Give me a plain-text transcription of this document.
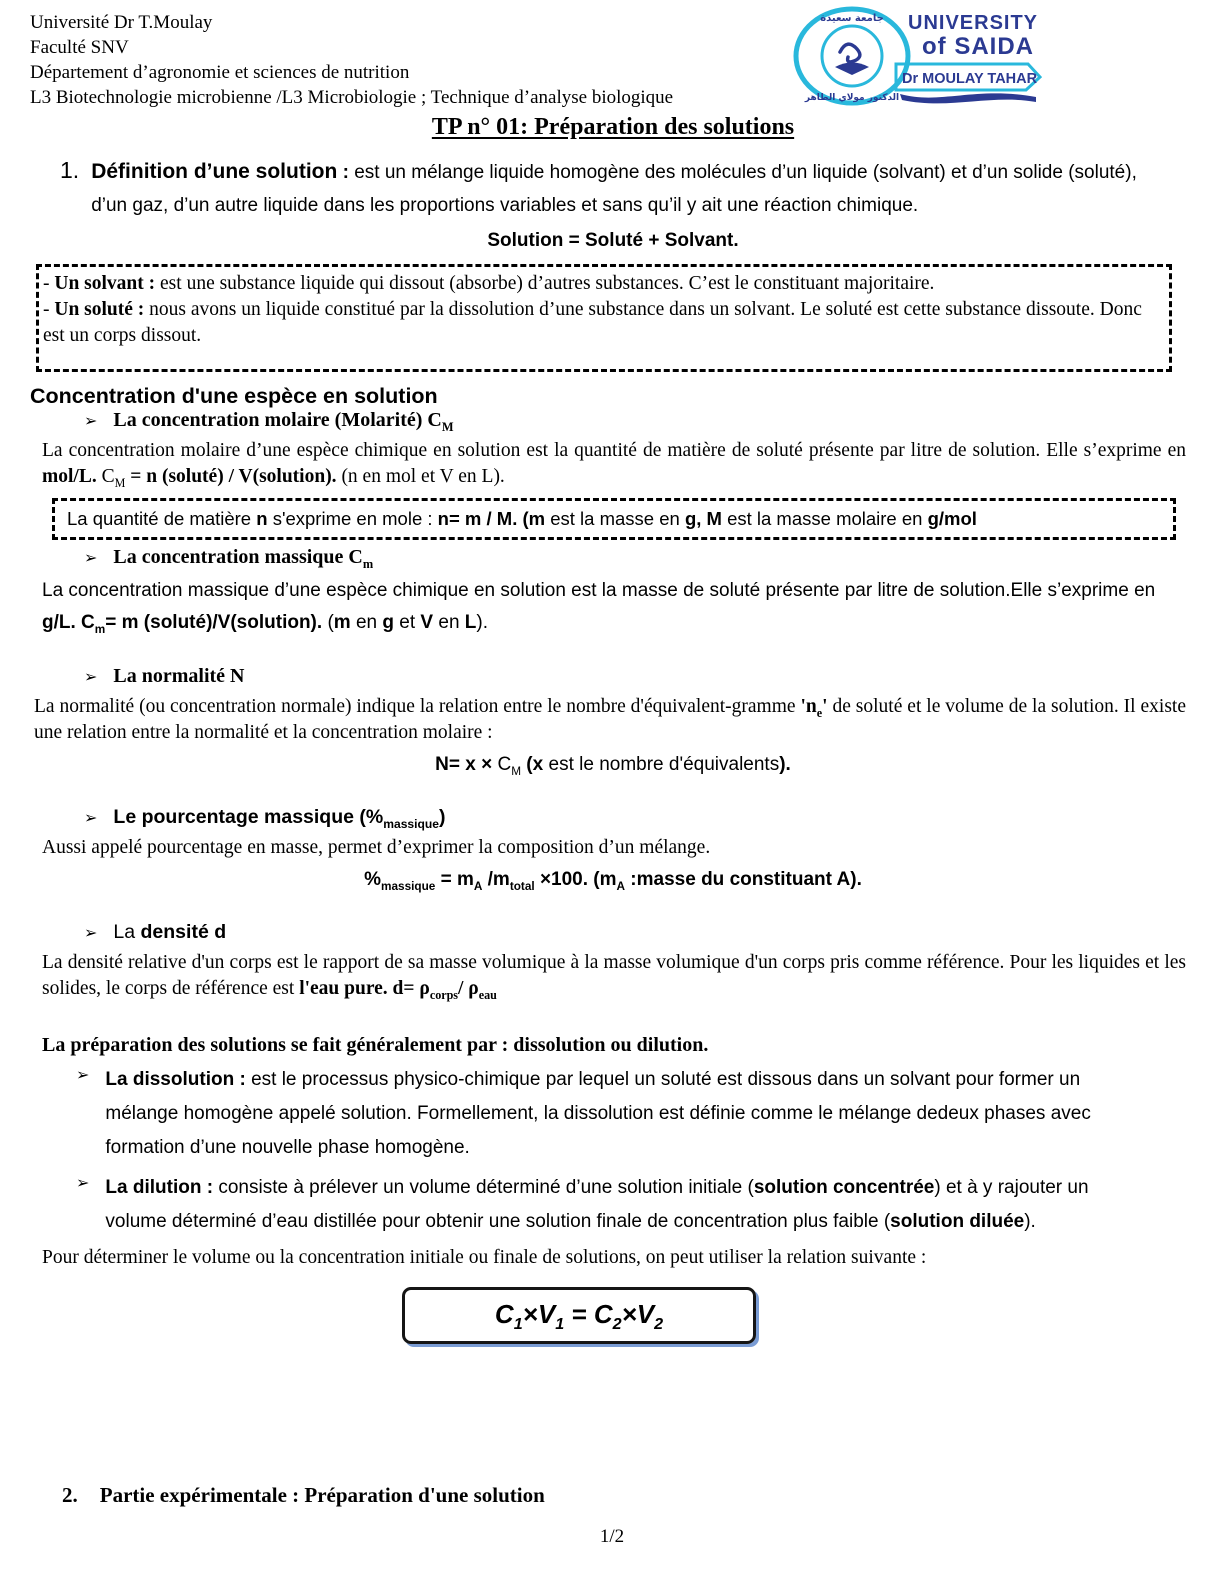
جامعة سعيدة
الدكتور مولاي الطاهر
UNIVERSITY
of SAIDA
Dr MOULAY TAHAR
Université Dr T.Moulay
Faculté SNV
Département d’agronomie et sciences de nutrition
L3 Biotechnologie microbienne /L3 Microbiologie ; Technique d’analyse biologique
TP n° 01: Préparation des solutions
1. Définition d’une solution : est un mélange liquide homogène des molécules d’un liquide (solvant) et d’un solide (soluté), d’un gaz, d’un autre liquide dans les proportions variables et sans qu’il y ait une réaction chimique.
Solution = Soluté + Solvant.
- Un solvant : est une substance liquide qui dissout (absorbe) d’autres substances. C’est le constituant majoritaire.
- Un soluté : nous avons un liquide constitué par la dissolution d’une substance dans un solvant. Le soluté est cette substance dissoute. Donc est un corps dissout.
Concentration d'une espèce en solution
➢ La concentration molaire (Molarité) $C_M$
La concentration molaire d’une espèce chimique en solution est la quantité de matière de soluté présente par litre de solution. Elle s’exprime en mol/L. $C_M = n$ (soluté) / V(solution). (n en mol et V en L).
La quantité de matière n s'exprime en mole : n= m / M. (m est la masse en g, M est la masse molaire en g/mol
➢ La concentration massique $C_m$
La concentration massique d’une espèce chimique en solution est la masse de soluté présente par litre de solution.Elle s’exprime en g/L. $C_m= m$ (soluté)/V(solution). (m en g et V en L).
➢ La normalité N
La normalité (ou concentration normale) indique la relation entre le nombre d'équivalent-gramme '$n_e$' de soluté et le volume de la solution. Il existe une relation entre la normalité et la concentration molaire :
$N= x \times C_M$ (x est le nombre d'équivalents).
➢ Le pourcentage massique $(\%_{massique})$
Aussi appelé pourcentage en masse, permet d’exprimer la composition d’un mélange.
$\%_{massique} = m_A$ $/m_{total} \times 100$. ($m_A$ :masse du constituant A).
➢ La densité d
La densité relative d'un corps est le rapport de sa masse volumique à la masse volumique d'un corps pris comme référence. Pour les liquides et les solides, le corps de référence est l'eau pure. $d= \rho_{corps}/$ $\rho_{eau}$
La préparation des solutions se fait généralement par : dissolution ou dilution.
➢ La dissolution : est le processus physico-chimique par lequel un soluté est dissous dans un solvant pour former un mélange homogène appelé solution. Formellement, la dissolution est définie comme le mélange dedeux phases avec formation d’une nouvelle phase homogène.
➢ La dilution : consiste à prélever un volume déterminé d’une solution initiale (solution concentrée) et à y rajouter un volume déterminé d’eau distillée pour obtenir une solution finale de concentration plus faible (solution diluée).
Pour déterminer le volume ou la concentration initiale ou finale de solutions, on peut utiliser la relation suivante :
$C_1\times V_1 = C_2\times V_2$
2. Partie expérimentale : Préparation d'une solution
1/2
